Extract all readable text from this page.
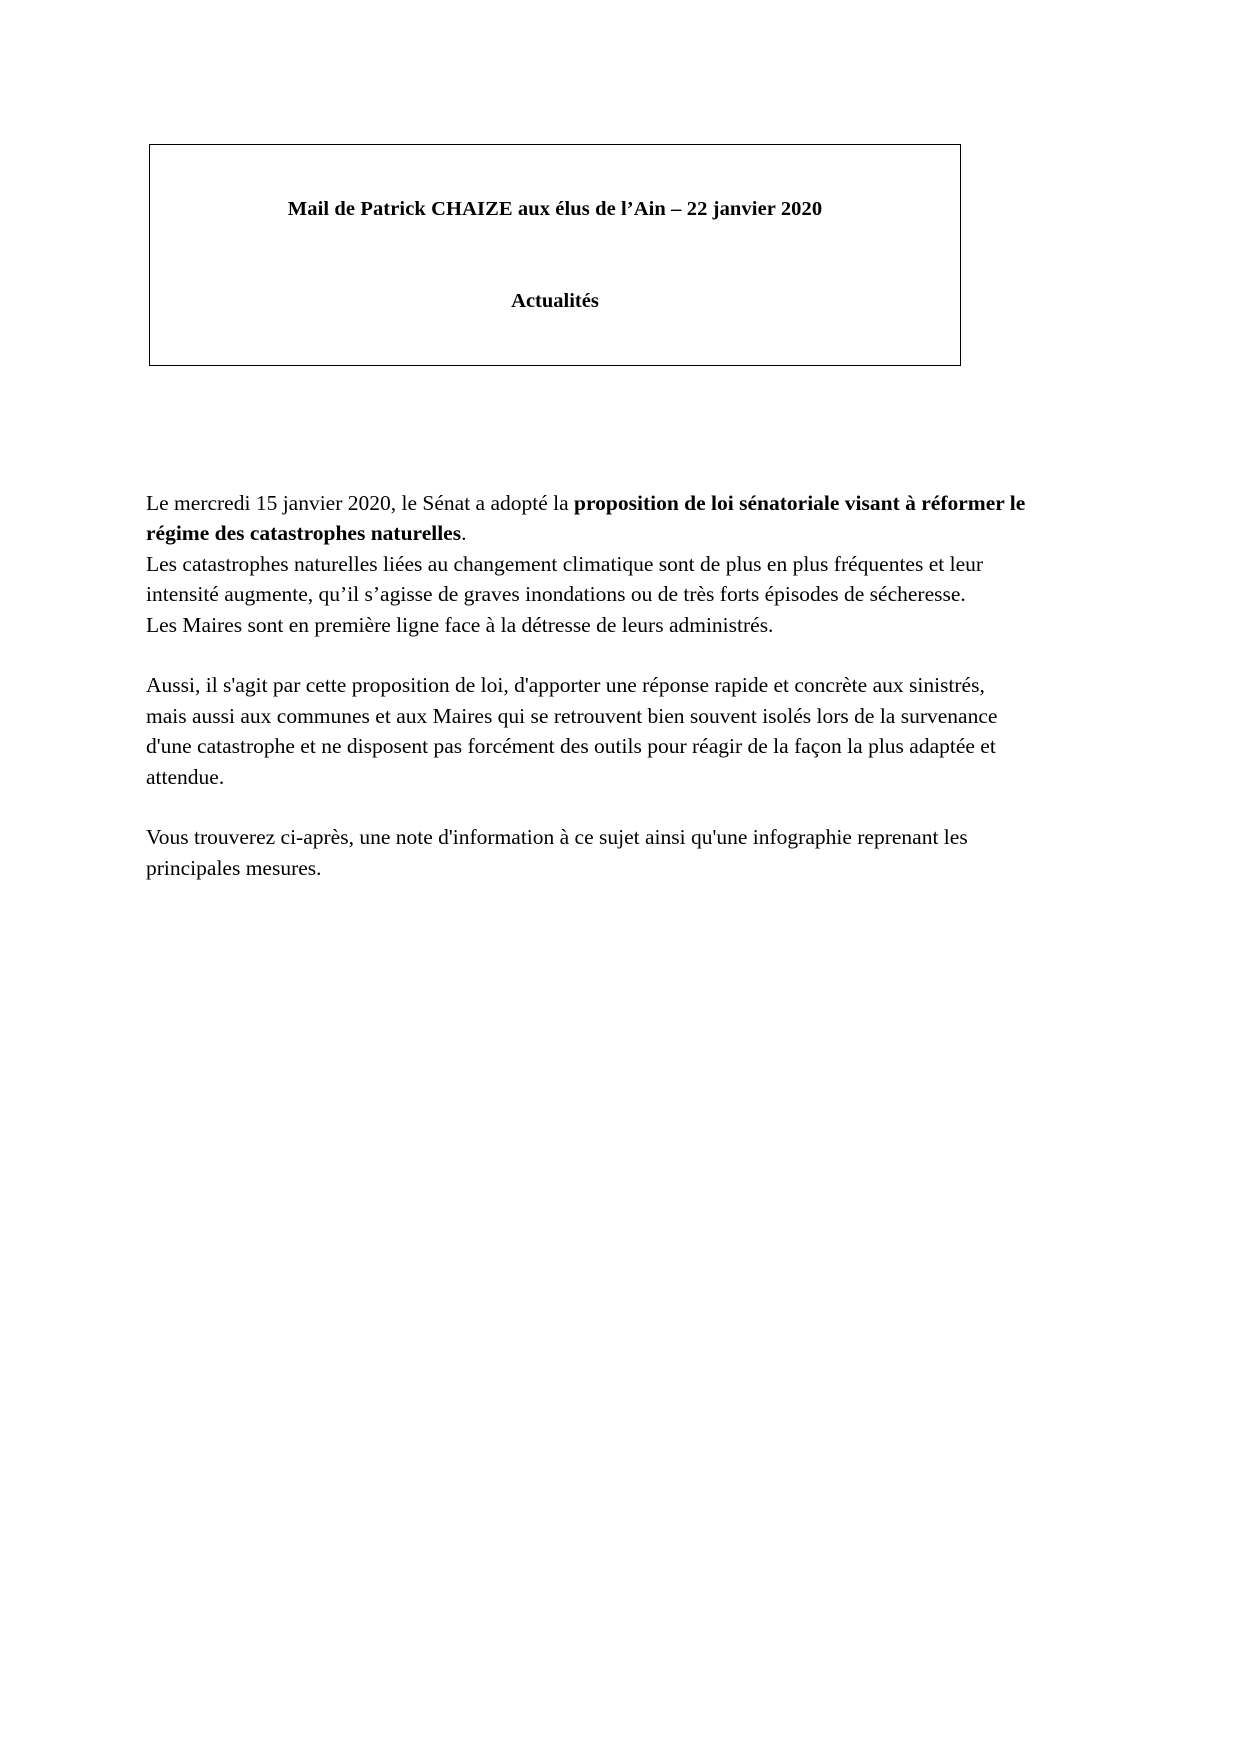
Mail de Patrick CHAIZE aux élus de l’Ain – 22 janvier 2020
Actualités

Le mercredi 15 janvier 2020, le Sénat a adopté la proposition de loi sénatoriale visant à réformer le régime des catastrophes naturelles.

Les catastrophes naturelles liées au changement climatique sont de plus en plus fréquentes et leur intensité augmente, qu’il s’agisse de graves inondations ou de très forts épisodes de sécheresse.

Les Maires sont en première ligne face à la détresse de leurs administrés.

Aussi, il s'agit par cette proposition de loi, d'apporter une réponse rapide et concrète aux sinistrés, mais aussi aux communes et aux Maires qui se retrouvent bien souvent isolés lors de la survenance d'une catastrophe et ne disposent pas forcément des outils pour réagir de la façon la plus adaptée et attendue.

Vous trouverez ci-après, une note d'information à ce sujet ainsi qu'une infographie reprenant les principales mesures.
